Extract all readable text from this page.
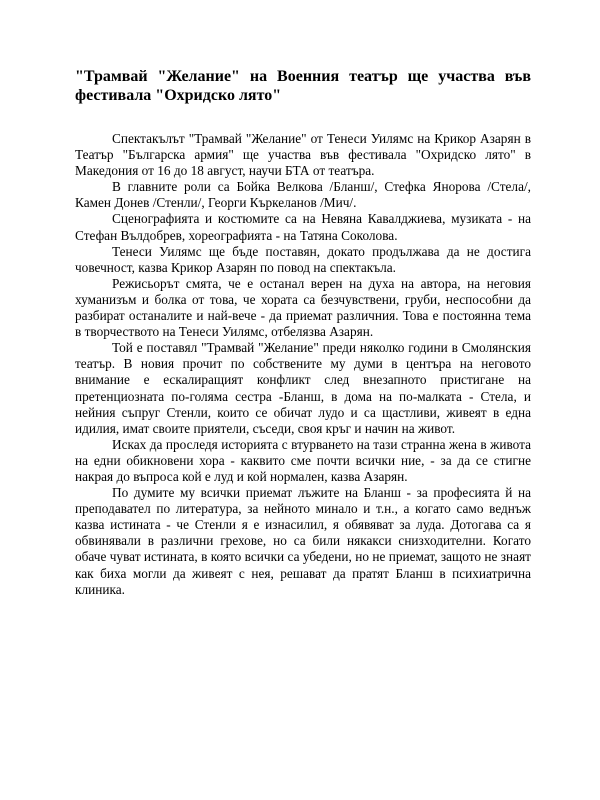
"Трамвай "Желание" на Военния театър ще участва във фестивала "Охридско лято"

Спектакълът "Трамвай "Желание" от Тенеси Уилямс на Крикор Азарян в Театър "Българска армия" ще участва във фестивала "Охридско лято" в Македония от 16 до 18 август, научи БТА от театъра.

В главните роли са Бойка Велкова /Бланш/, Стефка Янорова /Стела/, Камен Донев /Стенли/, Георги Къркеланов /Мич/.

Сценографията и костюмите са на Невяна Кавалджиева, музиката - на Стефан Вълдобрев, хореографията - на Татяна Соколова.

Тенеси Уилямс ще бъде поставян, докато продължава да не достига човечност, казва Крикор Азарян по повод на спектакъла.

Режисьорът смята, че е останал верен на духа на автора, на неговия хуманизъм и болка от това, че хората са безчувствени, груби, неспособни да разбират останалите и най-вече - да приемат различния. Това е постоянна тема в творчеството на Тенеси Уилямс, отбелязва Азарян.

Той е поставял "Трамвай "Желание" преди няколко години в Смолянския театър. В новия прочит по собствените му думи в центъра на неговото внимание е ескалиращият конфликт след внезапното пристигане на претенциозната по-голяма сестра -Бланш, в дома на по-малката - Стела, и нейния съпруг Стенли, които се обичат лудо и са щастливи, живеят в една идилия, имат своите приятели, съседи, своя кръг и начин на живот.

Искаx да проследя историята с втурването на тази странна жена в живота на едни обикновени хора - каквито сме почти всички ние, - за да се стигне накрая до въпроса кой е луд и кой нормален, казва Азарян.

По думите му всички приемат лъжите на Бланш - за професията й на преподавател по литература, за нейното минало и т.н., а когато само веднъж казва истината - че Стенли я е изнасилил, я обявяват за луда. Дотогава са я обвинявали в различни грехове, но са били някакси снизходителни. Когато обаче чуват истината, в която всички са убедени, но не приемат, защото не знаят как биха могли да живеят с нея, решават да пратят Бланш в психиатрична клиника.
